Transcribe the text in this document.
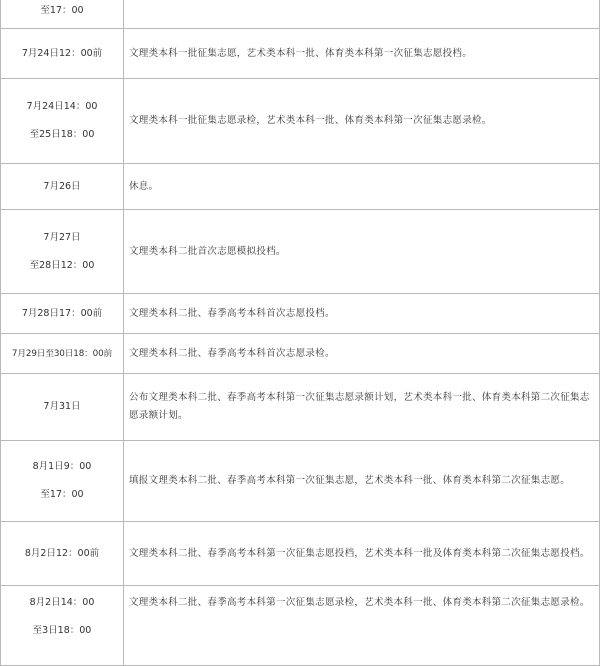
至17：00	

7月24日12：00前	文理类本科一批征集志愿，艺术类本科一批、体育类本科第一次征集志愿投档。

7月24日14：00
至25日18：00	文理类本科一批征集志愿录检，艺术类本科一批、体育类本科第一次征集志愿录检。

7月26日	休息。

7月27日
至28日12：00	文理类本科二批首次志愿模拟投档。

7月28日17：00前	文理类本科二批、春季高考本科首次志愿投档。

7月29日至30日18：00前	文理类本科二批、春季高考本科首次志愿录检。

7月31日	公布文理类本科二批、春季高考本科第一次征集志愿录额计划，艺术类本科一批、体育类本科第二次征集志愿录额计划。

8月1日9：00
至17：00	填报文理类本科二批、春季高考本科第一次征集志愿，艺术类本科一批、体育类本科第二次征集志愿。

8月2日12：00前	文理类本科二批、春季高考本科第一次征集志愿投档，艺术类本科一批及体育类本科第二次征集志愿投档。

8月2日14：00
至3日18：00	文理类本科二批、春季高考本科第一次征集志愿录检，艺术类本科一批、体育类本科第二次征集志愿录检。
